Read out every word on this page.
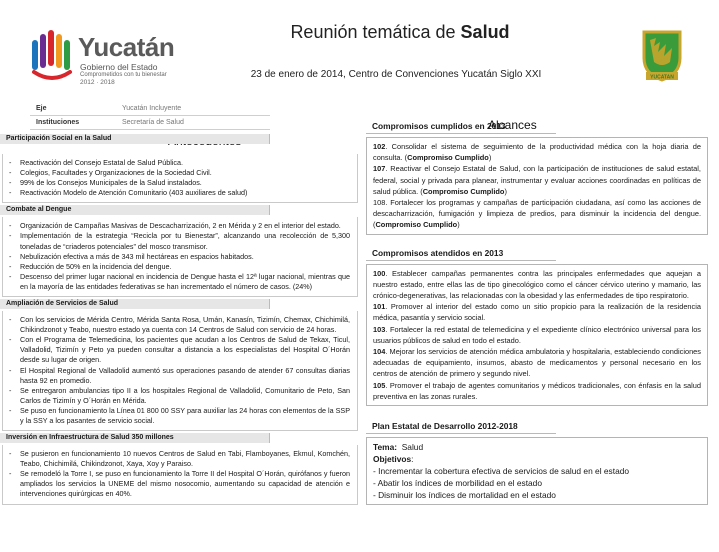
Yucatán
Gobierno del Estado
Comprometidos con tu bienestar
2012 · 2018
Reunión temática de Salud
23 de enero de 2014, Centro de Convenciones Yucatán Siglo XXI	YUCATAN
Alcances
Eje	Yucatán Incluyente
Instituciones	Secretaría de Salud
Participación Social en la Salud
- Reactivación del Consejo Estatal de Salud Pública.
- Colegios, Facultades y Organizaciones de la Sociedad Civil.
- 99% de los Consejos Municipales de la Salud instalados.
- Reactivación Modelo de Atención Comunitario (403 auxiliares de salud)
Combate al Dengue
- Organización de Campañas Masivas de Descacharrización, 2 en Mérida y 2 en el interior del estado.
- Implementación de la estrategia “Recicla por tu Bienestar”, alcanzando una recolección de 5,300 toneladas de “criaderos potenciales” del mosco transmisor.
- Nebulización efectiva a más de 343 mil hectáreas en espacios habitados.
- Reducción de 50% en la incidencia del dengue.
- Descenso del primer lugar nacional en incidencia de Dengue hasta el 12ª lugar nacional, mientras que en la mayoría de las entidades federativas se han incrementado el número de casos. (24%)
Ampliación de Servicios de Salud
- Con los servicios de Mérida Centro, Mérida Santa Rosa, Umán, Kanasín, Tizimín, Chemax, Chichimilá, Chikindzonot y Teabo, nuestro estado ya cuenta con 14 Centros de Salud con servicio de 24 horas.
- Con el Programa de Telemedicina, los pacientes que acudan a los Centros de Salud de Tekax, Ticul, Valladolid, Tizimín y Peto ya pueden consultar a distancia a los especialistas del Hospital O´Horán desde su lugar de origen.
- El Hospital Regional de Valladolid aumentó sus operaciones pasando de atender 67 consultas diarias hasta 92 en promedio.
- Se entregaron ambulancias tipo II a los hospitales Regional de Valladolid, Comunitario de Peto, San Carlos de Tizimín y O´Horán en Mérida.
- Se puso en funcionamiento la Línea 01 800 00 SSY para auxiliar las 24 horas con elementos de la SSP y la SSY a los pasantes de servicio social.
Inversión en Infraestructura de Salud 350 millones
- Se pusieron en funcionamiento 10 nuevos Centros de Salud en Tabi, Flamboyanes, Ekmul, Komchén, Teabo, Chichimilá, Chikindzonot, Xaya, Xoy y Paraiso.
- Se remodeló la Torre I, se puso en funcionamiento la Torre II del Hospital O´Horán, quirófanos y fueron ampliados los servicios la UNEME del mismo nosocomio, aumentando su capacidad de atención e intervenciones quirúrgicas en 40%.
Compromisos cumplidos en 2013

102. Consolidar el sistema de seguimiento de la productividad médica con la hoja diaria de consulta. (Compromiso Cumplido)

107. Reactivar el Consejo Estatal de Salud, con la participación de instituciones de salud estatal, federal, social y privada para planear, instrumentar y evaluar acciones coordinadas en políticas de salud pública. (Compromiso Cumplido)

108. Fortalecer los programas y campañas de participación ciudadana, así como las acciones de descacharrización, fumigación y limpieza de predios, para disminuir la incidencia del dengue. (Compromiso Cumplido)

Compromisos atendidos en 2013

100. Establecer campañas permanentes contra las principales enfermedades que aquejan a nuestro estado, entre ellas las de tipo ginecológico como el cáncer cérvico uterino y mamario, las crónico-degenerativas, las relacionadas con la obesidad y las enfermedades de tipo respiratorio.

101. Promover al interior del estado como un sitio propicio para la realización de la residencia médica, pasantía y servicio social.

103. Fortalecer la red estatal de telemedicina y el expediente clínico electrónico universal para los usuarios públicos de salud en todo el estado.

104. Mejorar los servicios de atención médica ambulatoria y hospitalaria, estableciendo condiciones adecuadas de equipamiento, insumos, abasto de medicamentos y personal necesario en los centros de atención de primero y segundo nivel.

105. Promover el trabajo de agentes comunitarios y médicos tradicionales, con énfasis en la salud preventiva en las zonas rurales.

Plan Estatal de Desarrollo 2012-2018
Tema: Salud
Objetivos:
- Incrementar la cobertura efectiva de servicios de salud en el estado
- Abatir los índices de morbilidad en el estado
- Disminuir los índices de mortalidad en el estado
